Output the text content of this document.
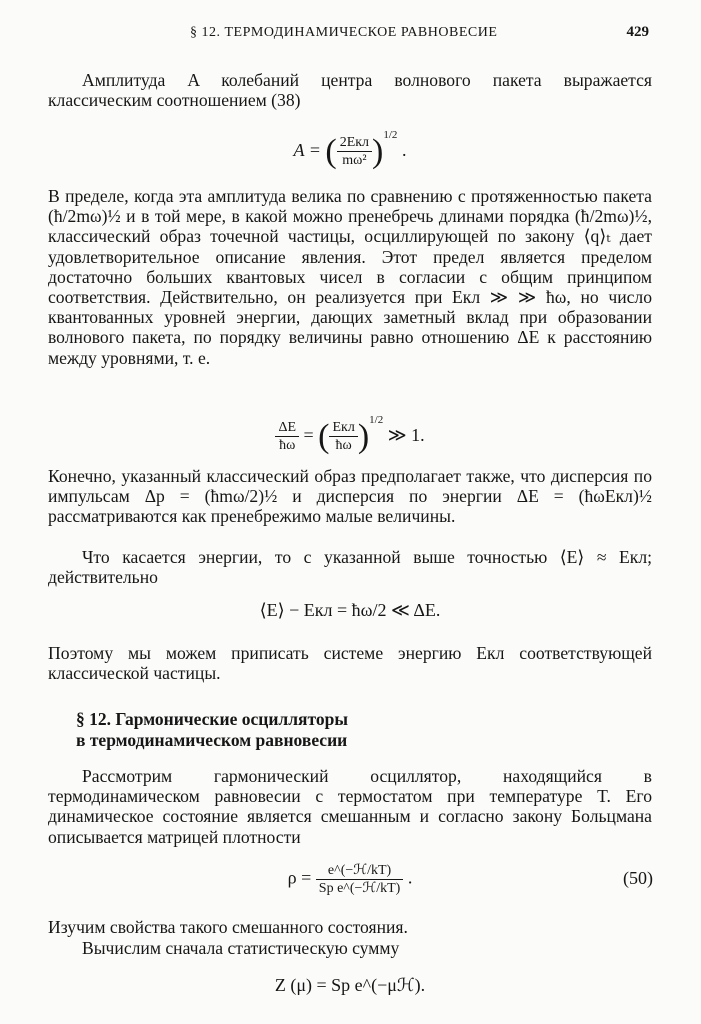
§ 12. ТЕРМОДИНАМИЧЕСКОЕ РАВНОВЕСИЕ	429
Амплитуда A колебаний центра волнового пакета выражается классическим соотношением (38)
A = ( $\frac{\text{2Eкл}}{\text{mω²}} )^{1/2}$ .
В пределе, когда эта амплитуда велика по сравнению с протяженностью пакета (ħ/2mω)½ и в той мере, в какой можно пренебречь длинами порядка (ħ/2mω)½, классический образ точечной частицы, осциллирующей по закону ⟨q⟩ₜ дает удовлетворительное описание явления. Этот предел является пределом достаточно больших квантовых чисел в согласии с общим принципом соответствия. Действительно, он реализуется при Eкл ≫ ≫ ħω, но число квантованных уровней энергии, дающих заметный вклад при образовании волнового пакета, по порядку величины равно отношению ΔE к расстоянию между уровнями, т. е.
$\frac{\Delta E}{ħ\omega}$ = ( $\frac{\text{Eкл}}{ħ\omega} )^{1/2}$ ≫ 1.
Конечно, указанный классический образ предполагает также, что дисперсия по импульсам Δp = (ħmω/2)½ и дисперсия по энергии ΔE = (ħωEкл)½ рассматриваются как пренебрежимо малые величины.
Что касается энергии, то с указанной выше точностью ⟨E⟩ ≈ Eкл; действительно
⟨E⟩ − Eкл = ħω/2 ≪ ΔE.
Поэтому мы можем приписать системе энергию Eкл соответствующей классической частицы.
§ 12. Гармонические осцилляторы
в термодинамическом равновесии
Рассмотрим гармонический осциллятор, находящийся в термодинамическом равновесии с термостатом при температуре T. Его динамическое состояние является смешанным и согласно закону Больцмана описывается матрицей плотности
$\rho = \frac{\text{e\textasciicircum{}(−ℋ/kT)}}{\text{Sp e\textasciicircum{}(−ℋ/kT)}}$ .	(50)
Изучим свойства такого смешанного состояния.
Вычислим сначала статистическую сумму
Z (μ) = Sp e^(−μℋ).
